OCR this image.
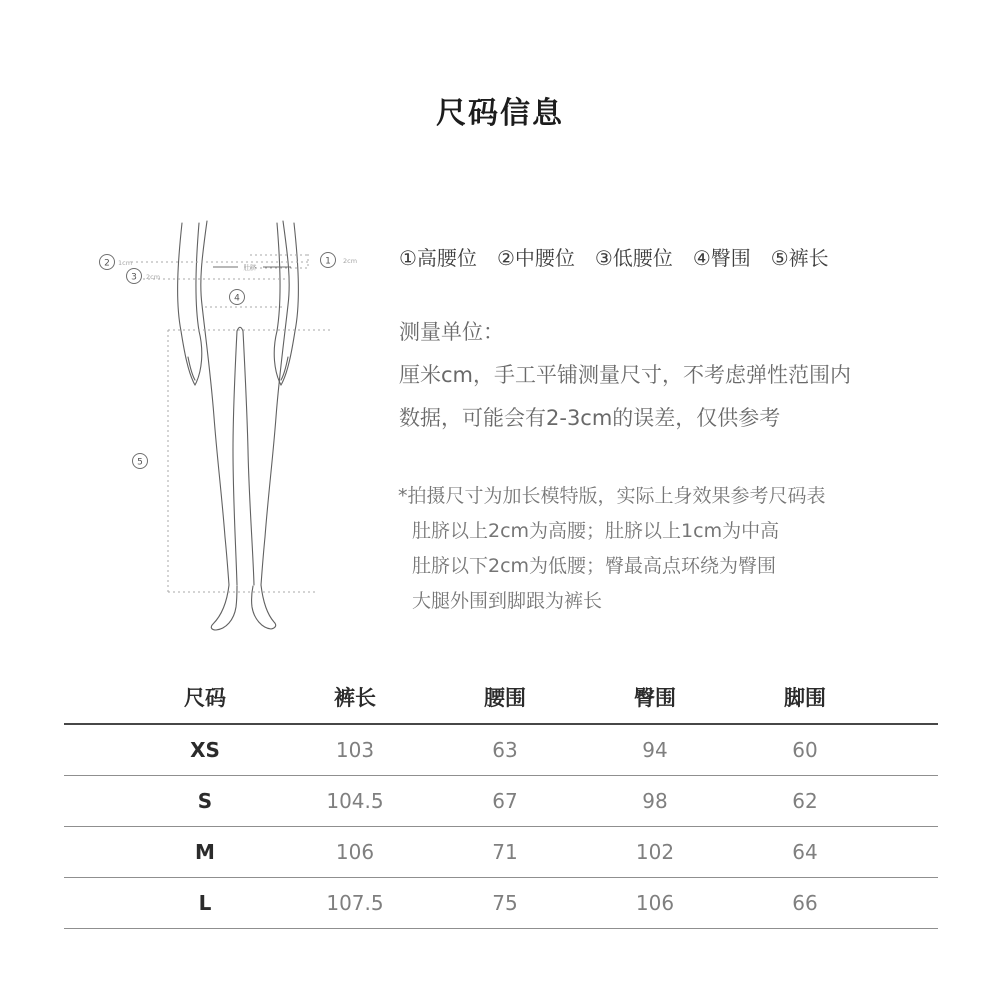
尺码信息
肚脐
1 2cm
2 1cm
3 2cm
4
5
①高腰位 ②中腰位 ③低腰位 ④臀围 ⑤裤长
测量单位：
厘米cm，手工平铺测量尺寸，不考虑弹性范围内
数据，可能会有2-3cm的误差，仅供参考
*拍摄尺寸为加长模特版，实际上身效果参考尺码表
肚脐以上2cm为高腰；肚脐以上1cm为中高
肚脐以下2cm为低腰；臀最高点环绕为臀围
大腿外围到脚跟为裤长
尺码	裤长	腰围	臀围	脚围
XS	103	63	94	60
S	104.5	67	98	62
M	106	71	102	64
L	107.5	75	106	66
